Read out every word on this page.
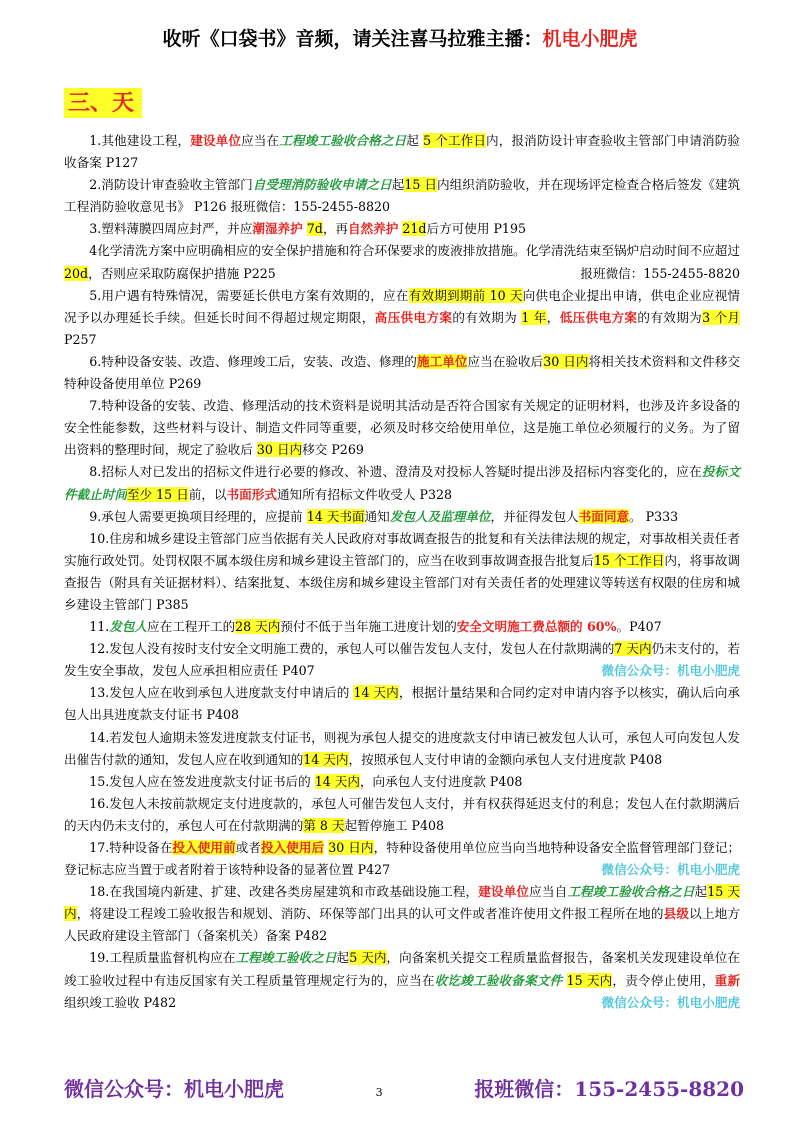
收听《口袋书》音频，请关注喜马拉雅主播：机电小肥虎
三、天

1.其他建设工程，建设单位应当在工程竣工验收合格之日起 5 个工作日内，报消防设计审查验收主管部门申请消防验收备案 P127

2.消防设计审查验收主管部门自受理消防验收申请之日起15 日内组织消防验收，并在现场评定检查合格后签发《建筑工程消防验收意见书》 P126 报班微信：155-2455-8820

3.塑料薄膜四周应封严，并应潮湿养护 7d，再自然养护 21d后方可使用 P195

4化学清洗方案中应明确相应的安全保护措施和符合环保要求的废液排放措施。化学清洗结束至锅炉启动时间不应超过20d，否则应采取防腐保护措施 P225	报班微信：155-2455-8820

5.用户遇有特殊情况，需要延长供电方案有效期的，应在有效期到期前 10 天向供电企业提出申请，供电企业应视情况予以办理延长手续。但延长时间不得超过规定期限，高压供电方案的有效期为 1 年，低压供电方案的有效期为3 个月 P257

6.特种设备安装、改造、修理竣工后，安装、改造、修理的施工单位应当在验收后30 日内将相关技术资料和文件移交特种设备使用单位 P269

7.特种设备的安装、改造、修理活动的技术资料是说明其活动是否符合国家有关规定的证明材料，也涉及许多设备的安全性能参数，这些材料与设计、制造文件同等重要，必须及时移交给使用单位，这是施工单位必须履行的义务。为了留出资料的整理时间，规定了验收后 30 日内移交 P269

8.招标人对已发出的招标文件进行必要的修改、补遗、澄清及对投标人答疑时提出涉及招标内容变化的，应在投标文件截止时间至少 15 日前，以书面形式通知所有招标文件收受人 P328

9.承包人需要更换项目经理的，应提前 14 天书面通知发包人及监理单位，并征得发包人书面同意。 P333

10.住房和城乡建设主管部门应当依据有关人民政府对事故调查报告的批复和有关法律法规的规定，对事故相关责任者实施行政处罚。处罚权限不属本级住房和城乡建设主管部门的，应当在收到事故调查报告批复后15 个工作日内，将事故调查报告（附具有关证据材料）、结案批复、本级住房和城乡建设主管部门对有关责任者的处理建议等转送有权限的住房和城乡建设主管部门 P385

11.发包人应在工程开工的28 天内预付不低于当年施工进度计划的安全文明施工费总额的 60%。P407

12.发包人没有按时支付安全文明施工费的，承包人可以催告发包人支付，发包人在付款期满的7 天内仍未支付的，若发生安全事故，发包人应承担相应责任 P407	微信公众号：机电小肥虎

13.发包人应在收到承包人进度款支付申请后的 14 天内，根据计量结果和合同约定对申请内容予以核实，确认后向承包人出具进度款支付证书 P408

14.若发包人逾期未签发进度款支付证书，则视为承包人提交的进度款支付申请已被发包人认可，承包人可向发包人发出催告付款的通知，发包人应在收到通知的14 天内，按照承包人支付申请的金额向承包人支付进度款 P408

15.发包人应在签发进度款支付证书后的 14 天内，向承包人支付进度款 P408

16.发包人未按前款规定支付进度款的，承包人可催告发包人支付，并有权获得延迟支付的利息；发包人在付款期满后的天内仍未支付的，承包人可在付款期满的第 8 天起暂停施工 P408

17.特种设备在投入使用前或者投入使用后 30 日内，特种设备使用单位应当向当地特种设备安全监督管理部门登记；登记标志应当置于或者附着于该特种设备的显著位置 P427	微信公众号：机电小肥虎

18.在我国境内新建、扩建、改建各类房屋建筑和市政基础设施工程，建设单位应当自工程竣工验收合格之日起15 天内，将建设工程竣工验收报告和规划、消防、环保等部门出具的认可文件或者准许使用文件报工程所在地的县级以上地方人民政府建设主管部门（备案机关）备案 P482

19.工程质量监督机构应在工程竣工验收之日起5 天内，向备案机关提交工程质量监督报告，备案机关发现建设单位在竣工验收过程中有违反国家有关工程质量管理规定行为的，应当在收讫竣工验收备案文件 15 天内，责令停止使用，重新组织竣工验收 P482	微信公众号：机电小肥虎

微信公众号：机电小肥虎	3	报班微信：155-2455-8820
